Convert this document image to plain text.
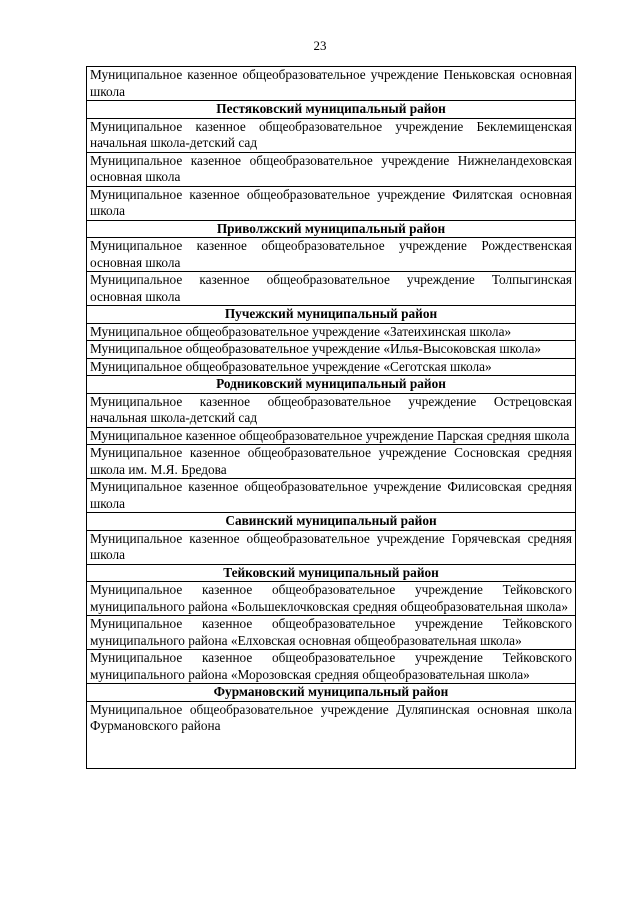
23
Муниципальное казенное общеобразовательное учреждение Пеньковская основная школа
Пестяковский муниципальный район
Муниципальное казенное общеобразовательное учреждение Беклемищенская начальная школа-детский сад
Муниципальное казенное общеобразовательное учреждение Нижнеландеховская основная школа
Муниципальное казенное общеобразовательное учреждение Филятская основная школа
Приволжский муниципальный район
Муниципальное казенное общеобразовательное учреждение Рождественская основная школа
Муниципальное казенное общеобразовательное учреждение Толпыгинская основная школа
Пучежский муниципальный район
Муниципальное общеобразовательное учреждение «Затеихинская школа»
Муниципальное общеобразовательное учреждение «Илья-Высоковская школа»
Муниципальное общеобразовательное учреждение «Сеготская школа»
Родниковский муниципальный район
Муниципальное казенное общеобразовательное учреждение Острецовская начальная школа-детский сад
Муниципальное казенное общеобразовательное учреждение Парская средняя школа
Муниципальное казенное общеобразовательное учреждение Сосновская средняя школа им. М.Я. Бредова
Муниципальное казенное общеобразовательное учреждение Филисовская средняя школа
Савинский муниципальный район
Муниципальное казенное общеобразовательное учреждение Горячевская средняя школа
Тейковский муниципальный район
Муниципальное казенное общеобразовательное учреждение Тейковского муниципального района «Большеклочковская средняя общеобразовательная школа»
Муниципальное казенное общеобразовательное учреждение Тейковского муниципального района «Елховская основная общеобразовательная школа»
Муниципальное казенное общеобразовательное учреждение Тейковского муниципального района «Морозовская средняя общеобразовательная школа»
Фурмановский муниципальный район
Муниципальное общеобразовательное учреждение Дуляпинская основная школа Фурмановского района
